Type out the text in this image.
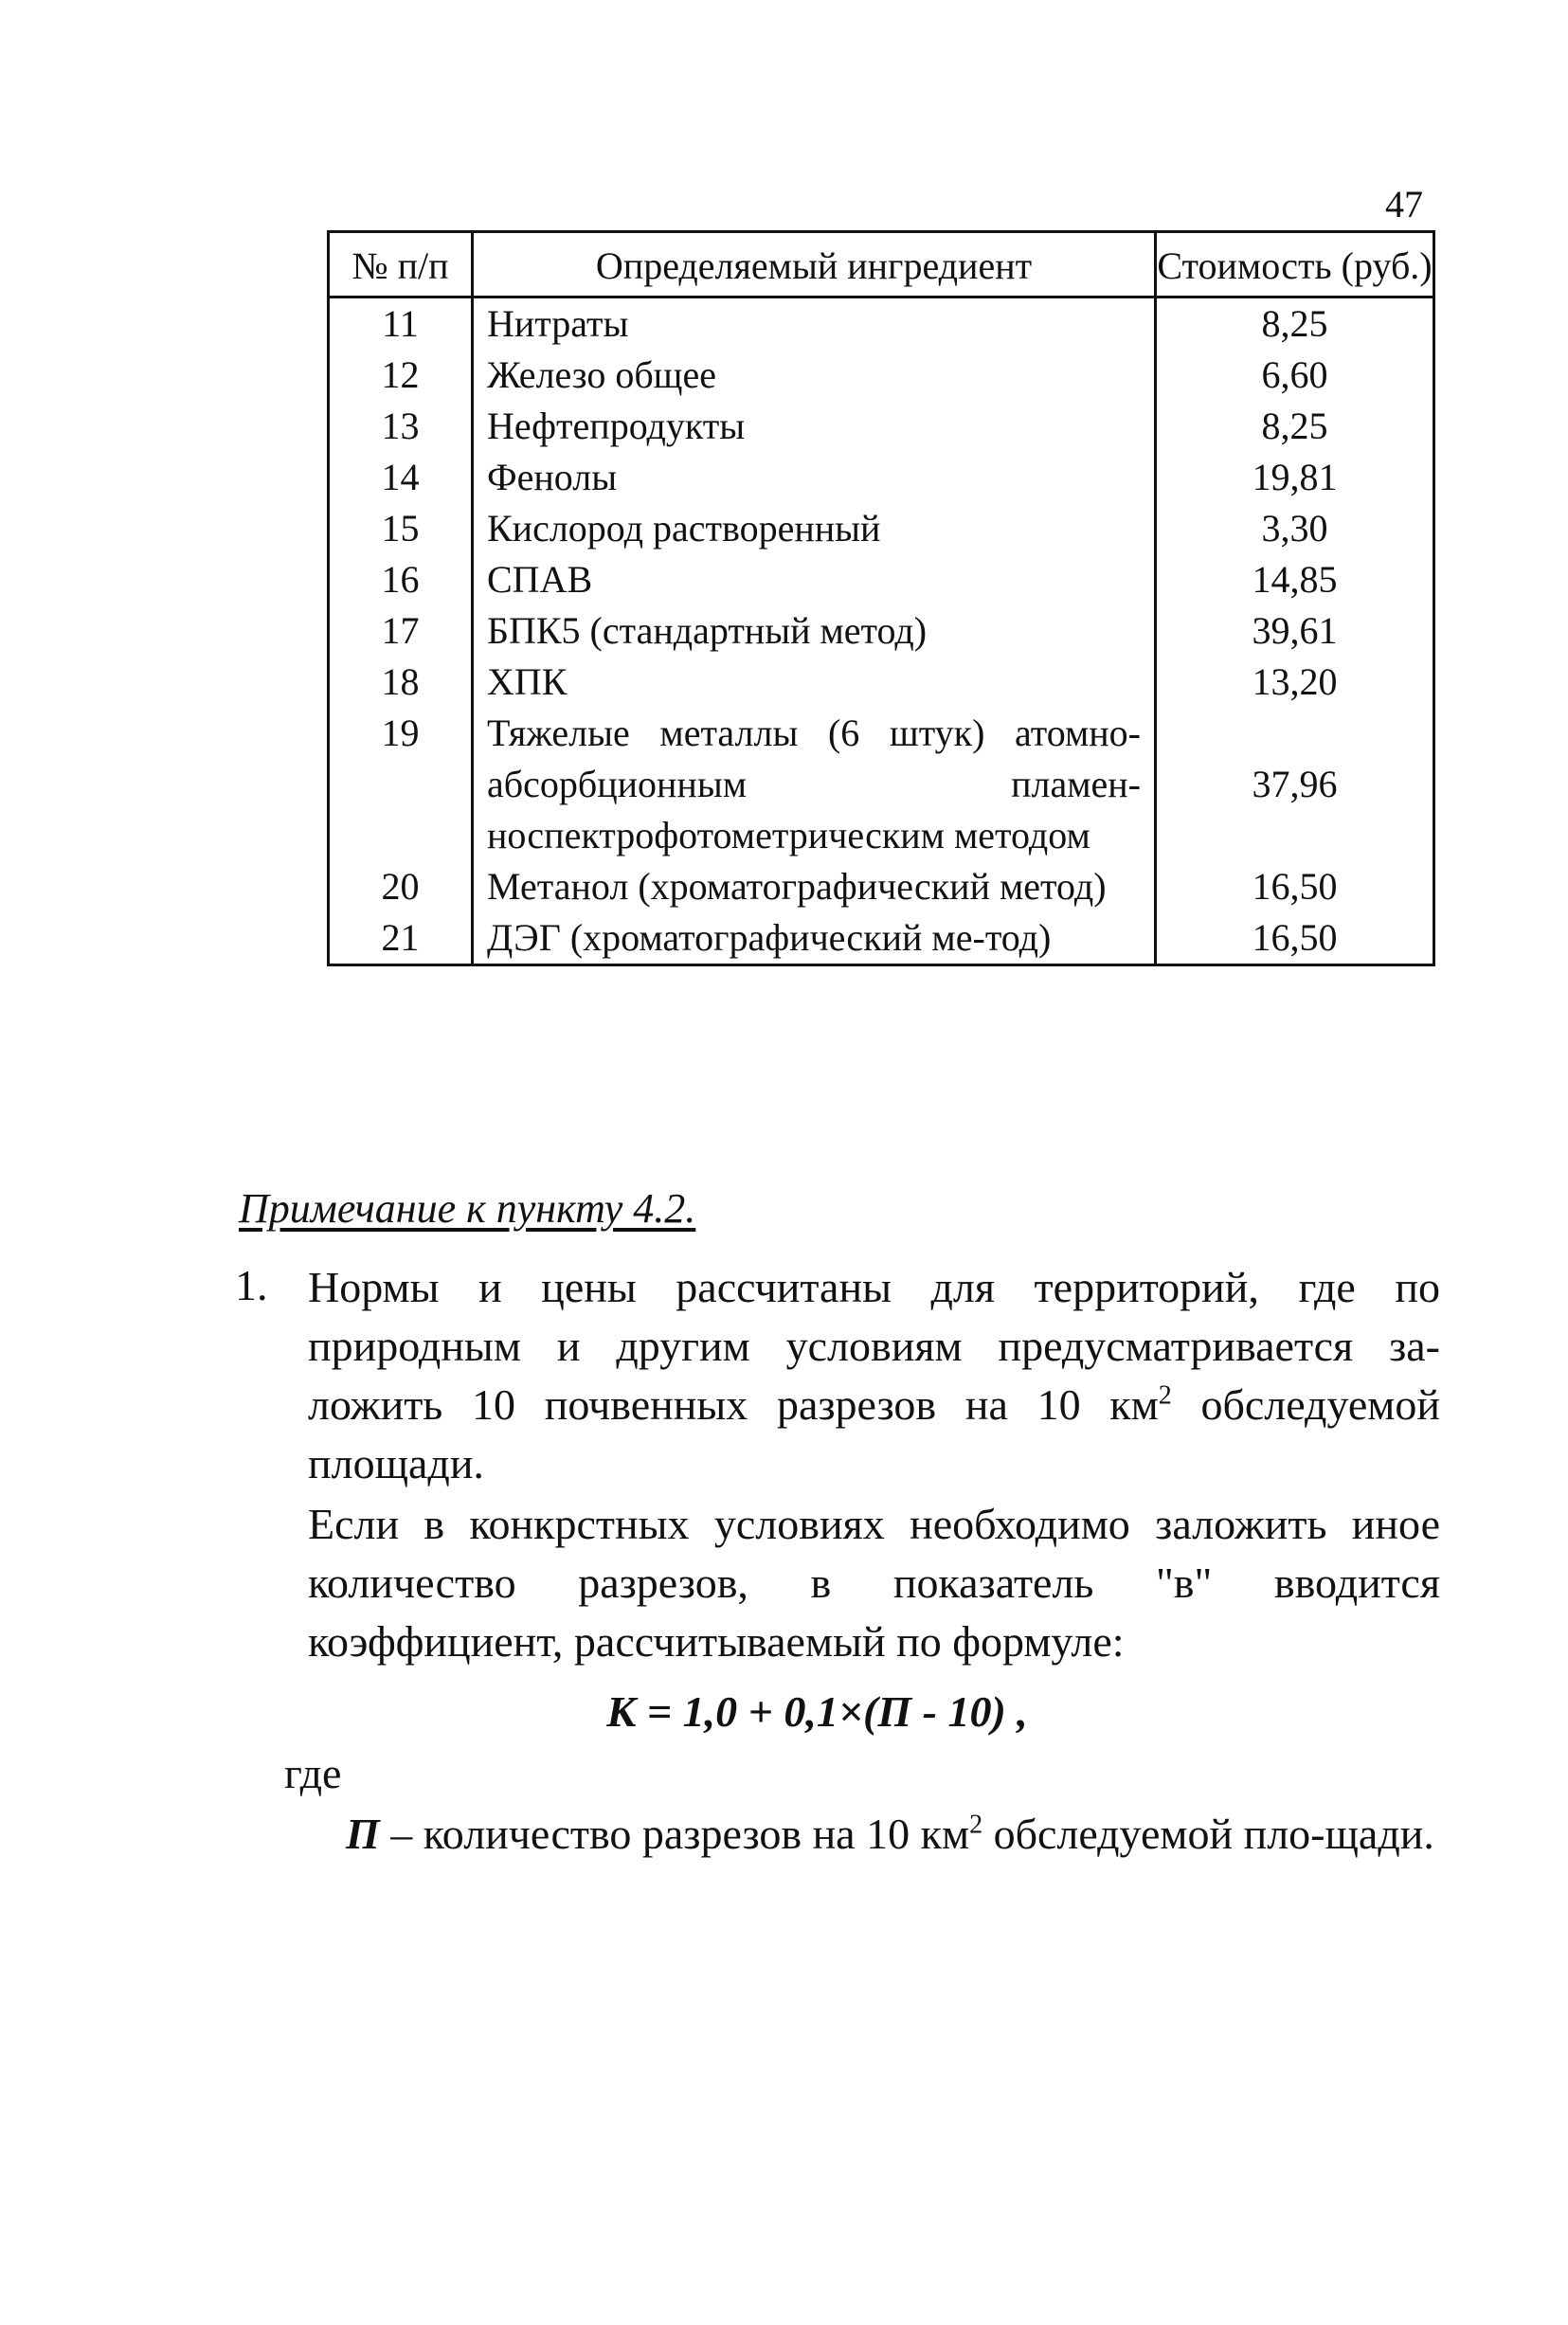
47
№ п/п	Определяемый ингредиент	Стоимость (руб.)
11	Нитраты	8,25
12	Железо общее	6,60
13	Нефтепродукты	8,25
14	Фенолы	19,81
15	Кислород растворенный	3,30
16	СПАВ	14,85
17	БПК5 (стандартный метод)	39,61
18	ХПК	13,20
19	Тяжелые металлы (6 штук) атомно-абсорбционным пламен-носпектрофотометрическим методом	37,96
20	Метанол (хроматографический метод)	16,50
21	ДЭГ (хроматографический ме-тод)	16,50
Примечание к пункту 4.2.
1. Нормы и цены рассчитаны для территорий, где по природным и другим условиям предусматривается за-ложить 10 почвенных разрезов на 10 $км^2$ обследуемой площади.

Если в конкрстных условиях необходимо заложить иное количество разрезов, в показатель "в" вводится коэффициент, рассчитываемый по формуле:

К = 1,0 + 0,1×(П - 10) ,
где

П – количество разрезов на 10 $км^2$ обследуемой пло-щади.
